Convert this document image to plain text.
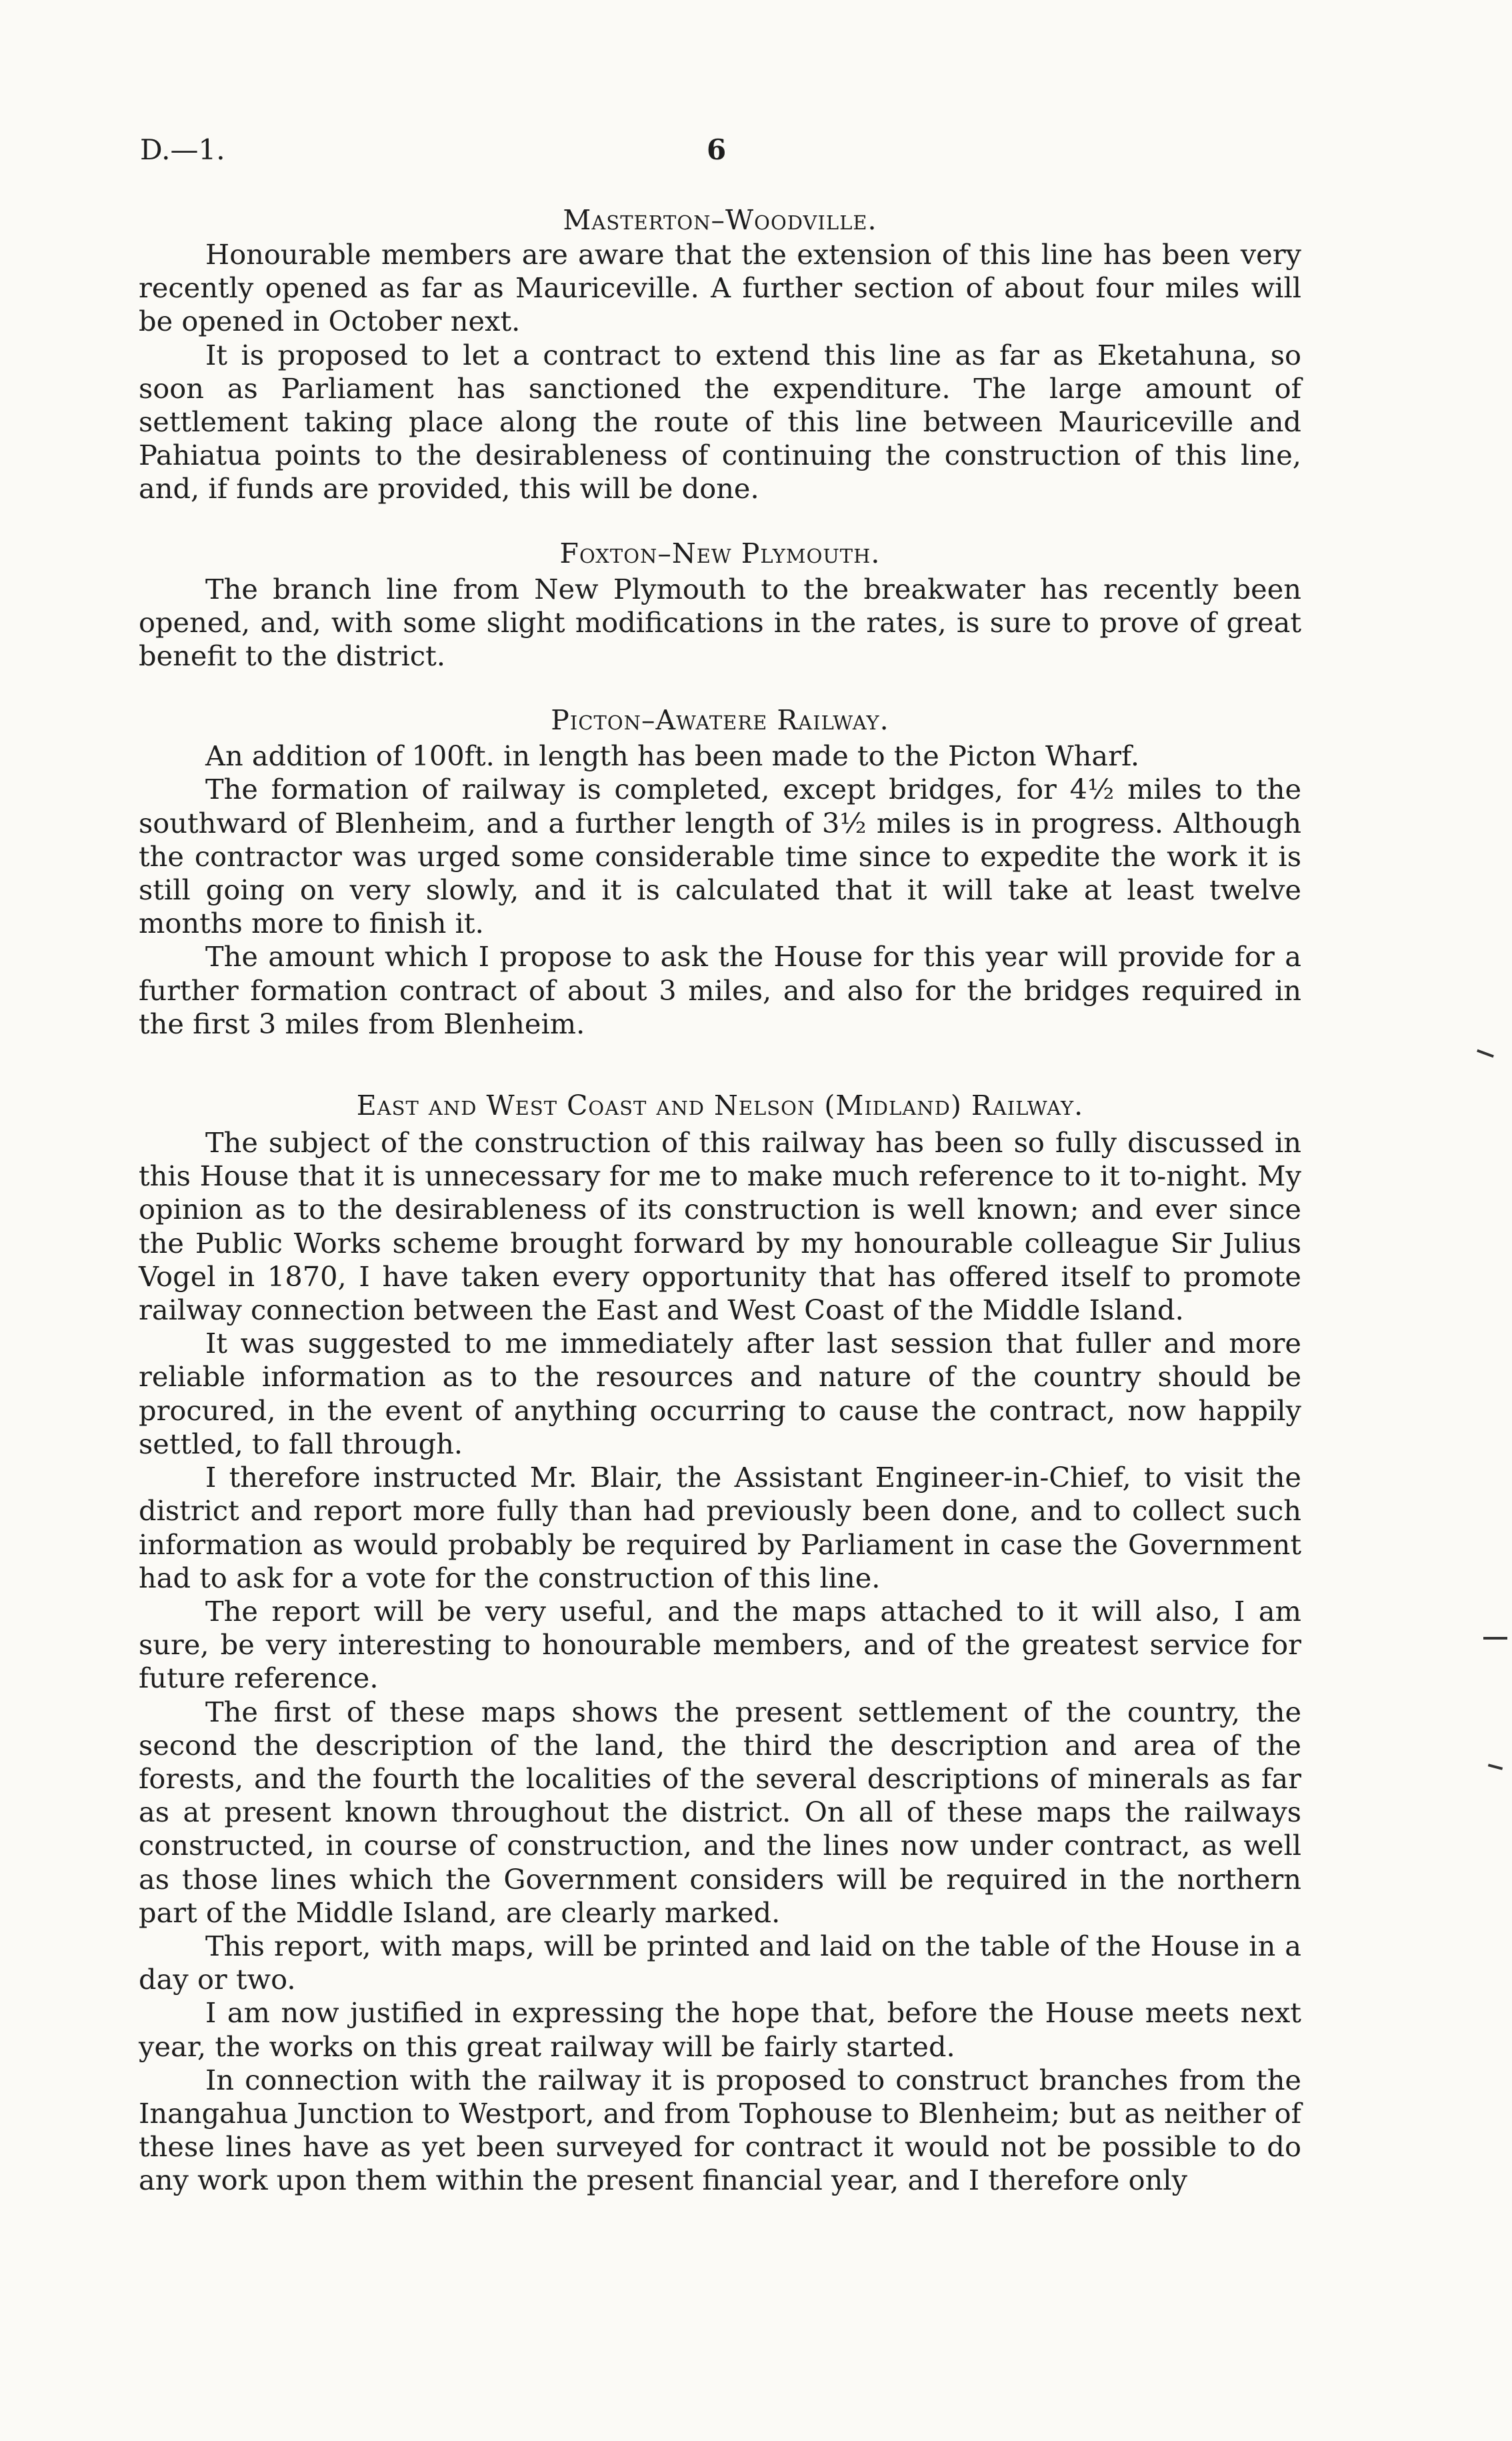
D.—1.	6
Masterton–Woodville.

Honourable members are aware that the extension of this line has been very recently opened as far as Mauriceville. A further section of about four miles will be opened in October next.

It is proposed to let a contract to extend this line as far as Eketahuna, so soon as Parliament has sanctioned the expenditure. The large amount of settlement taking place along the route of this line between Mauriceville and Pahiatua points to the desirableness of continuing the construction of this line, and, if funds are provided, this will be done.

Foxton–New Plymouth.

The branch line from New Plymouth to the breakwater has recently been opened, and, with some slight modifications in the rates, is sure to prove of great benefit to the district.

Picton–Awatere Railway.

An addition of 100ft. in length has been made to the Picton Wharf.

The formation of railway is completed, except bridges, for 4½ miles to the southward of Blenheim, and a further length of 3½ miles is in progress. Although the contractor was urged some considerable time since to expedite the work it is still going on very slowly, and it is calculated that it will take at least twelve months more to finish it.

The amount which I propose to ask the House for this year will provide for a further formation contract of about 3 miles, and also for the bridges required in the first 3 miles from Blenheim.

East and West Coast and Nelson (Midland) Railway.

The subject of the construction of this railway has been so fully discussed in this House that it is unnecessary for me to make much reference to it to-night. My opinion as to the desirableness of its construction is well known; and ever since the Public Works scheme brought forward by my honourable colleague Sir Julius Vogel in 1870, I have taken every opportunity that has offered itself to promote railway connection between the East and West Coast of the Middle Island.

It was suggested to me immediately after last session that fuller and more reliable information as to the resources and nature of the country should be procured, in the event of anything occurring to cause the contract, now happily settled, to fall through.

I therefore instructed Mr. Blair, the Assistant Engineer-in-Chief, to visit the district and report more fully than had previously been done, and to collect such information as would probably be required by Parliament in case the Government had to ask for a vote for the construction of this line.

The report will be very useful, and the maps attached to it will also, I am sure, be very interesting to honourable members, and of the greatest service for future reference.

The first of these maps shows the present settlement of the country, the second the description of the land, the third the description and area of the forests, and the fourth the localities of the several descriptions of minerals as far as at present known throughout the district. On all of these maps the railways constructed, in course of construction, and the lines now under contract, as well as those lines which the Government considers will be required in the northern part of the Middle Island, are clearly marked.

This report, with maps, will be printed and laid on the table of the House in a day or two.

I am now justified in expressing the hope that, before the House meets next year, the works on this great railway will be fairly started.

In connection with the railway it is proposed to construct branches from the Inangahua Junction to Westport, and from Tophouse to Blenheim; but as neither of these lines have as yet been surveyed for contract it would not be possible to do any work upon them within the present financial year, and I therefore only
